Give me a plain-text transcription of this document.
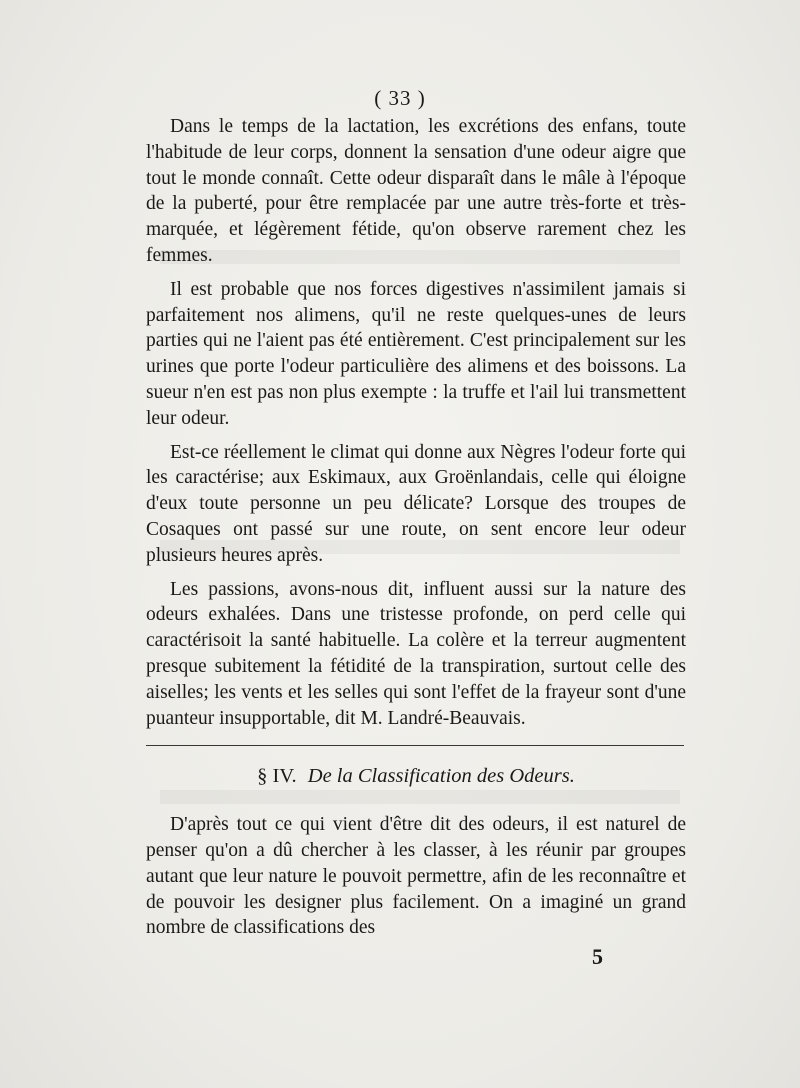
( 33 )

Dans le temps de la lactation, les excrétions des enfans, toute l'habitude de leur corps, donnent la sensation d'une odeur aigre que tout le monde connaît. Cette odeur disparaît dans le mâle à l'époque de la puberté, pour être remplacée par une autre très-forte et très-marquée, et légèrement fétide, qu'on observe rarement chez les femmes.

Il est probable que nos forces digestives n'assimilent jamais si parfaitement nos alimens, qu'il ne reste quelques-unes de leurs parties qui ne l'aient pas été entièrement. C'est principalement sur les urines que porte l'odeur particulière des alimens et des boissons. La sueur n'en est pas non plus exempte : la truffe et l'ail lui transmettent leur odeur.

Est-ce réellement le climat qui donne aux Nègres l'odeur forte qui les caractérise; aux Eskimaux, aux Groënlandais, celle qui éloigne d'eux toute personne un peu délicate? Lorsque des troupes de Cosaques ont passé sur une route, on sent encore leur odeur plusieurs heures après.

Les passions, avons-nous dit, influent aussi sur la nature des odeurs exhalées. Dans une tristesse profonde, on perd celle qui caractérisoit la santé habituelle. La colère et la terreur augmentent presque subitement la fétidité de la transpiration, surtout celle des aiselles; les vents et les selles qui sont l'effet de la frayeur sont d'une puanteur insupportable, dit M. Landré-Beauvais.

§ IV. De la Classification des Odeurs.

D'après tout ce qui vient d'être dit des odeurs, il est naturel de penser qu'on a dû chercher à les classer, à les réunir par groupes autant que leur nature le pouvoit permettre, afin de les reconnaître et de pouvoir les designer plus facilement. On a imaginé un grand nombre de classifications des

5
